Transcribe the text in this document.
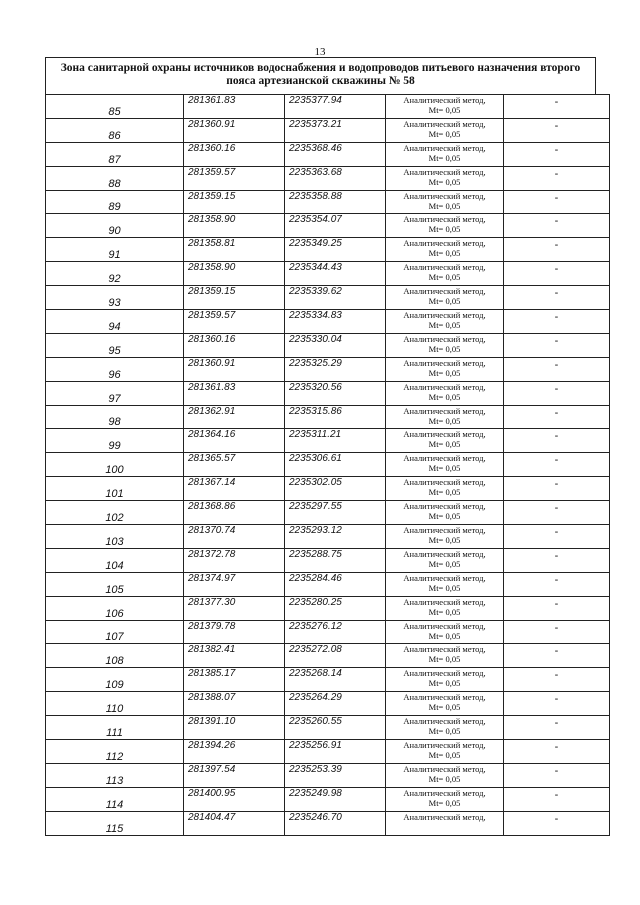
13
Зона санитарной охраны источников водоснабжения и водопроводов питьевого назначения второго пояса артезианской скважины № 58
85	281361.83	2235377.94	Аналитический метод,
Mt= 0,05	-
86	281360.91	2235373.21	Аналитический метод,
Mt= 0,05	-
87	281360.16	2235368.46	Аналитический метод,
Mt= 0,05	-
88	281359.57	2235363.68	Аналитический метод,
Mt= 0,05	-
89	281359.15	2235358.88	Аналитический метод,
Mt= 0,05	-
90	281358.90	2235354.07	Аналитический метод,
Mt= 0,05	-
91	281358.81	2235349.25	Аналитический метод,
Mt= 0,05	-
92	281358.90	2235344.43	Аналитический метод,
Mt= 0,05	-
93	281359.15	2235339.62	Аналитический метод,
Mt= 0,05	-
94	281359.57	2235334.83	Аналитический метод,
Mt= 0,05	-
95	281360.16	2235330.04	Аналитический метод,
Mt= 0,05	-
96	281360.91	2235325.29	Аналитический метод,
Mt= 0,05	-
97	281361.83	2235320.56	Аналитический метод,
Mt= 0,05	-
98	281362.91	2235315.86	Аналитический метод,
Mt= 0,05	-
99	281364.16	2235311.21	Аналитический метод,
Mt= 0,05	-
100	281365.57	2235306.61	Аналитический метод,
Mt= 0,05	-
101	281367.14	2235302.05	Аналитический метод,
Mt= 0,05	-
102	281368.86	2235297.55	Аналитический метод,
Mt= 0,05	-
103	281370.74	2235293.12	Аналитический метод,
Mt= 0,05	-
104	281372.78	2235288.75	Аналитический метод,
Mt= 0,05	-
105	281374.97	2235284.46	Аналитический метод,
Mt= 0,05	-
106	281377.30	2235280.25	Аналитический метод,
Mt= 0,05	-
107	281379.78	2235276.12	Аналитический метод,
Mt= 0,05	-
108	281382.41	2235272.08	Аналитический метод,
Mt= 0,05	-
109	281385.17	2235268.14	Аналитический метод,
Mt= 0,05	-
110	281388.07	2235264.29	Аналитический метод,
Mt= 0,05	-
111	281391.10	2235260.55	Аналитический метод,
Mt= 0,05	-
112	281394.26	2235256.91	Аналитический метод,
Mt= 0,05	-
113	281397.54	2235253.39	Аналитический метод,
Mt= 0,05	-
114	281400.95	2235249.98	Аналитический метод,
Mt= 0,05	-
115	281404.47	2235246.70	Аналитический метод,	-
